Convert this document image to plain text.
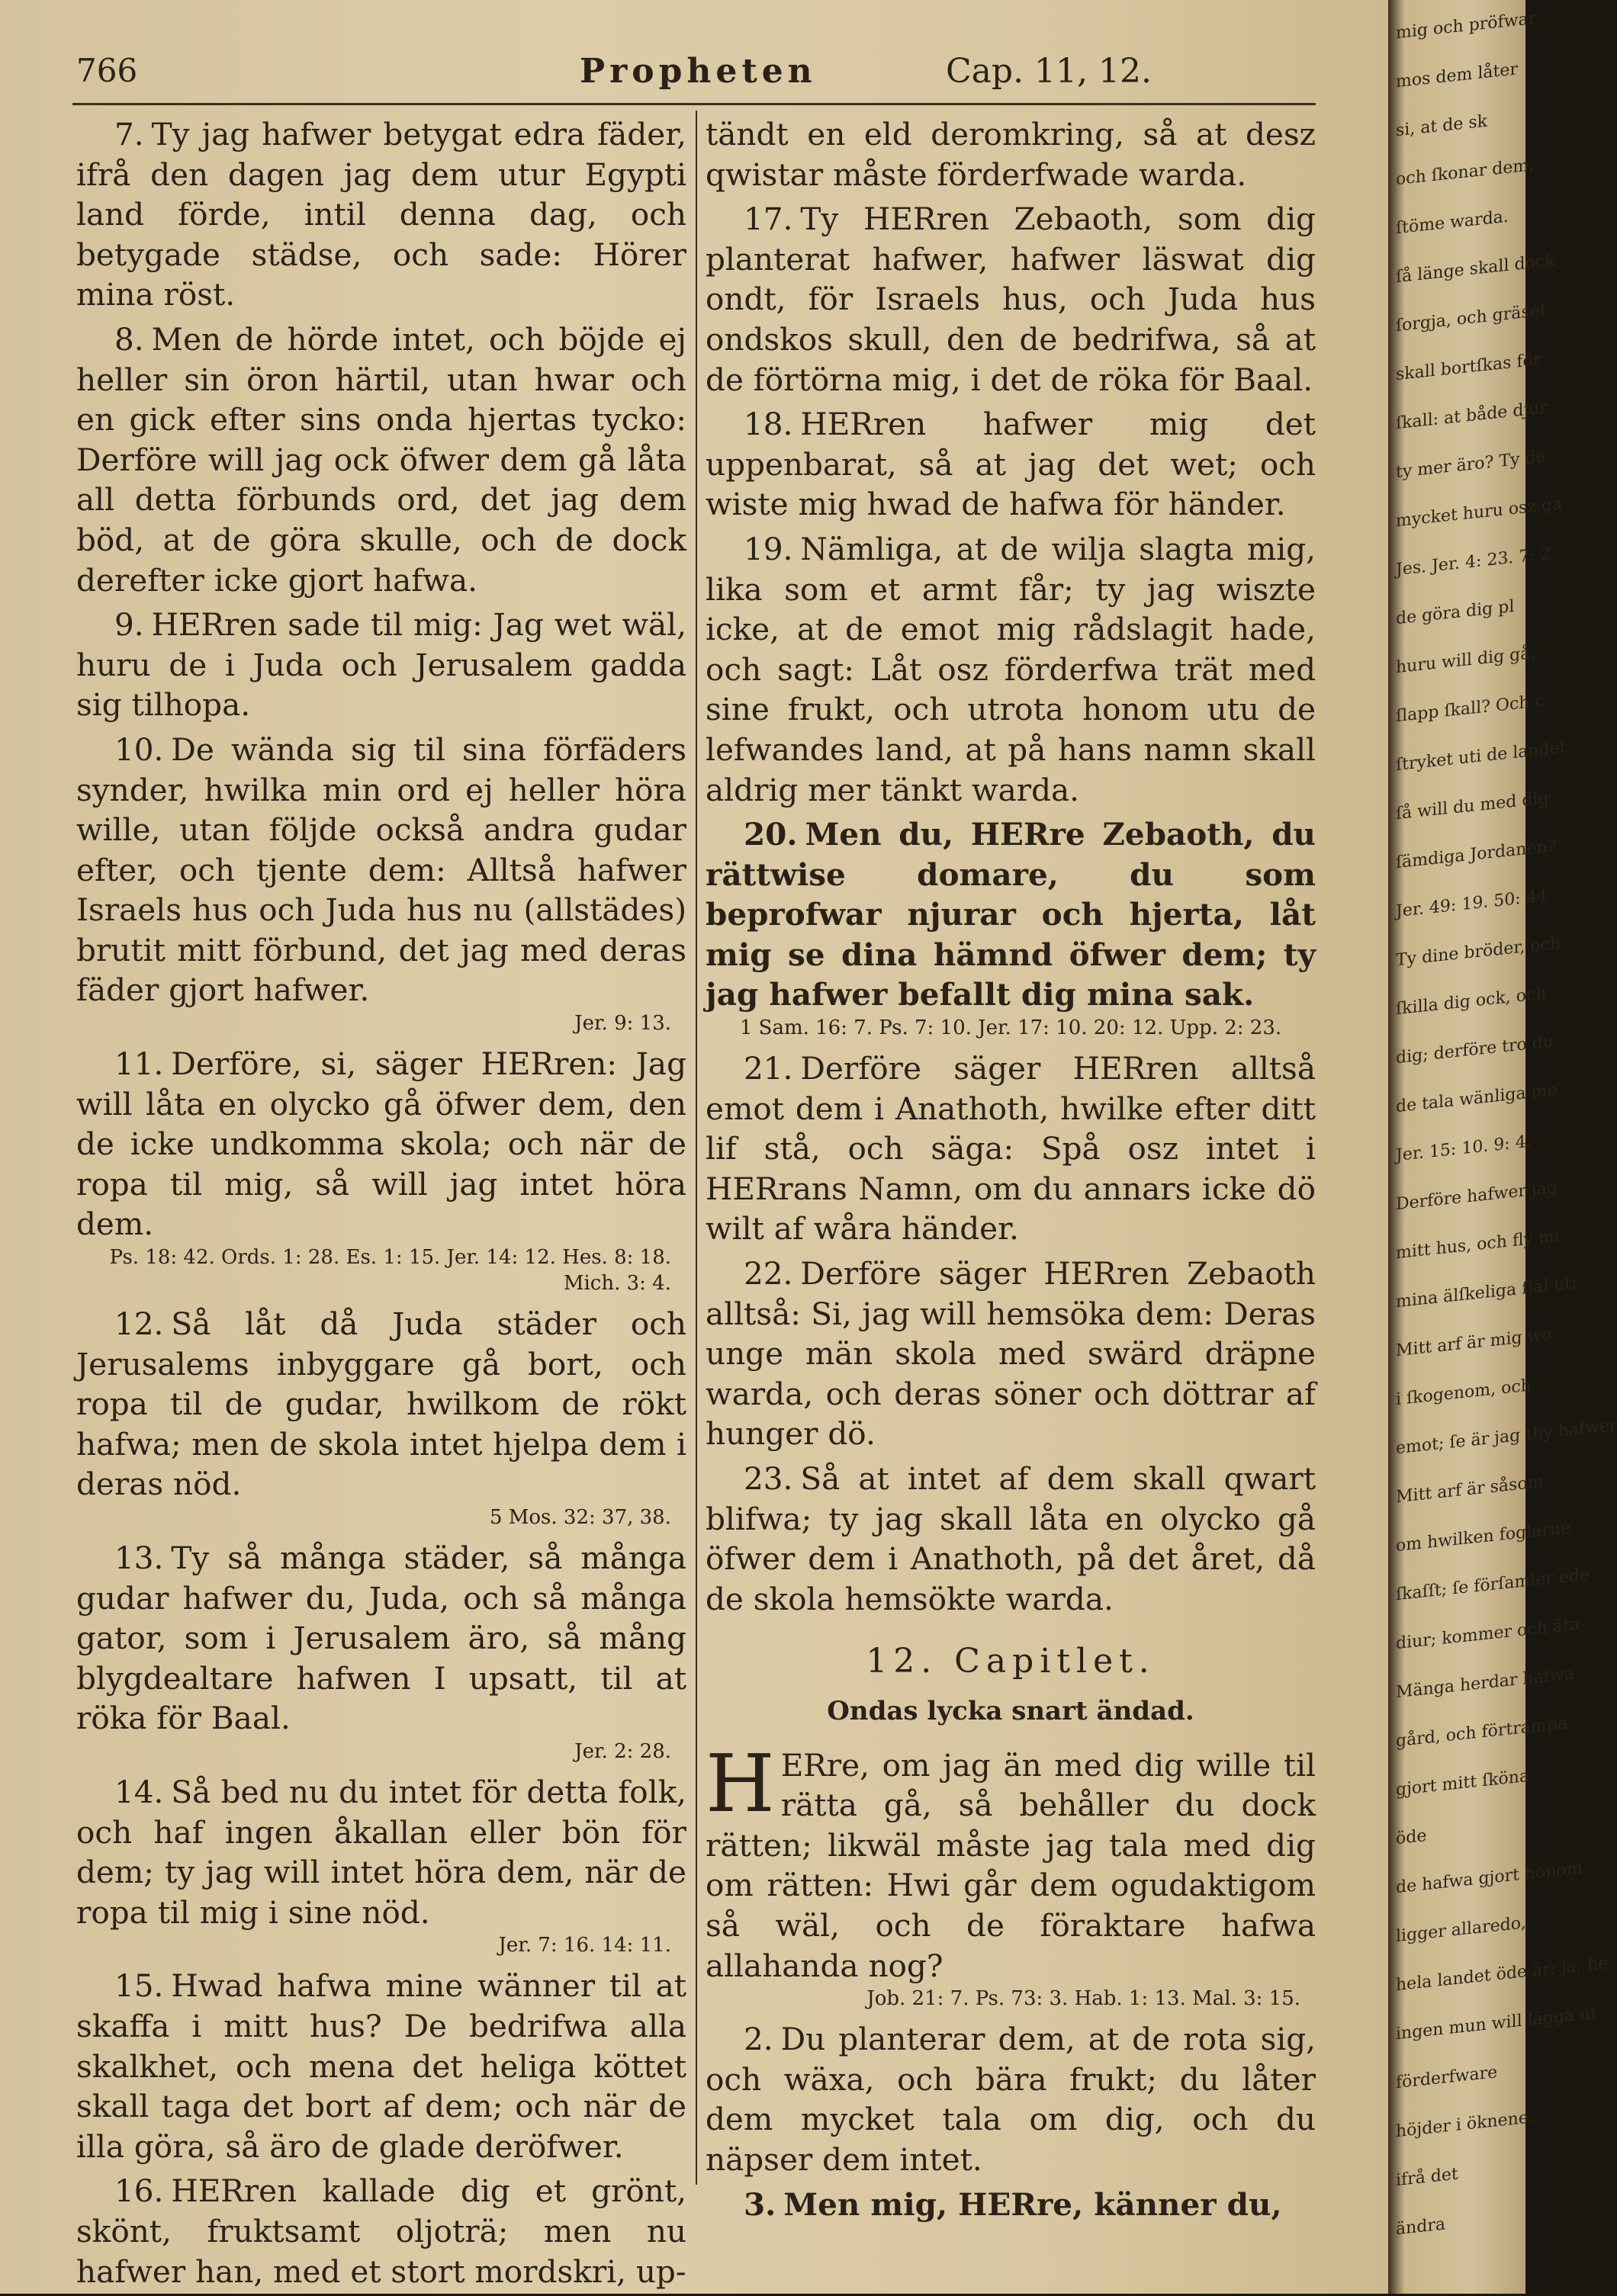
766	Propheten	Cap. 11, 12.

7. Ty jag hafwer betygat edra fäder, ifrå den dagen jag dem utur Egypti land förde, intil denna dag, och betygade städse, och sade: Hörer mina röst.

8. Men de hörde intet, och böjde ej heller sin öron härtil, utan hwar och en gick efter sins onda hjertas tycko: Derföre will jag ock öfwer dem gå låta all detta förbunds ord, det jag dem böd, at de göra skulle, och de dock derefter icke gjort hafwa.

9. HERren sade til mig: Jag wet wäl, huru de i Juda och Jerusalem gadda sig tilhopa.

10. De wända sig til sina förfäders synder, hwilka min ord ej heller höra wille, utan följde också andra gudar efter, och tjente dem: Alltså hafwer Israels hus och Juda hus nu (allstädes) brutit mitt förbund, det jag med deras fäder gjort hafwer.

Jer. 9: 13.

11. Derföre, si, säger HERren: Jag will låta en olycko gå öfwer dem, den de icke undkomma skola; och när de ropa til mig, så will jag intet höra dem.

Ps. 18: 42. Ords. 1: 28. Es. 1: 15. Jer. 14: 12. Hes. 8: 18. Mich. 3: 4.

12. Så låt då Juda städer och Jerusalems inbyggare gå bort, och ropa til de gudar, hwilkom de rökt hafwa; men de skola intet hjelpa dem i deras nöd.

5 Mos. 32: 37, 38.

13. Ty så många städer, så många gudar hafwer du, Juda, och så många gator, som i Jerusalem äro, så mång blygdealtare hafwen I upsatt, til at röka för Baal.

Jer. 2: 28.

14. Så bed nu du intet för detta folk, och haf ingen åkallan eller bön för dem; ty jag will intet höra dem, när de ropa til mig i sine nöd.

Jer. 7: 16. 14: 11.

15. Hwad hafwa mine wänner til at skaffa i mitt hus? De bedrifwa alla skalkhet, och mena det heliga köttet skall taga det bort af dem; och när de illa göra, så äro de glade deröfwer.

16. HERren kallade dig et grönt, skönt, fruktsamt oljoträ; men nu hafwer han, med et stort mordskri, up-

tändt en eld deromkring, så at desz qwistar måste förderfwade warda.

17. Ty HERren Zebaoth, som dig planterat hafwer, hafwer läswat dig ondt, för Israels hus, och Juda hus ondskos skull, den de bedrifwa, så at de förtörna mig, i det de röka för Baal.

18. HERren hafwer mig det uppenbarat, så at jag det wet; och wiste mig hwad de hafwa för händer.

19. Nämliga, at de wilja slagta mig, lika som et armt får; ty jag wiszte icke, at de emot mig rådslagit hade, och sagt: Låt osz förderfwa trät med sine frukt, och utrota honom utu de lefwandes land, at på hans namn skall aldrig mer tänkt warda.

20. Men du, HERre Zebaoth, du rättwise domare, du som beprofwar njurar och hjerta, låt mig se dina hämnd öfwer dem; ty jag hafwer befallt dig mina sak.

1 Sam. 16: 7. Ps. 7: 10. Jer. 17: 10. 20: 12. Upp. 2: 23.

21. Derföre säger HERren alltså emot dem i Anathoth, hwilke efter ditt lif stå, och säga: Spå osz intet i HERrans Namn, om du annars icke dö wilt af wåra händer.

22. Derföre säger HERren Zebaoth alltså: Si, jag will hemsöka dem: Deras unge män skola med swärd dräpne warda, och deras söner och döttrar af hunger dö.

23. Så at intet af dem skall qwart blifwa; ty jag skall låta en olycko gå öfwer dem i Anathoth, på det året, då de skola hemsökte warda.

12. Capitlet.
Ondas lycka snart ändad.

H ERre, om jag än med dig wille til rätta gå, så behåller du dock rätten; likwäl måste jag tala med dig om rätten: Hwi går dem ogudaktigom så wäl, och de föraktare hafwa allahanda nog?

Job. 21: 7. Ps. 73: 3. Hab. 1: 13. Mal. 3: 15.

2. Du planterar dem, at de rota sig, och wäxa, och bära frukt; du låter dem mycket tala om dig, och du näpser dem intet.

3. Men mig, HERre, känner du,

mig och pröfwar
mos dem låter
si, at de sk
och ſkonar dem,
ſtöme warda.
ſå länge skall dock
ſorgja, och gräset
skall bortſkas för
ſkall: at både djur
ty mer äro? Ty de
mycket huru osz ga
Jes. Jer. 4: 23. 7: 2
de göra dig pl
huru will dig gå,
ſlapp ſkall? Och c
ſtryket uti de landet
ſå will du med dig
ſämdiga Jordanen?
Jer. 49: 19. 50: 44
Ty dine bröder, och
ſkilla dig ock, och
dig; derföre tro du
de tala wänliga me
Jer. 15: 10. 9: 4.
Derföre hafwer jag
mitt hus, och fly mi
mina älſkeliga ſjäl uti
Mitt arf är mig wo
i ſkogenom, och
emot; ſe är jag thy hafwer
Mitt arf är såsom
om hwilken foglarne
ſkaſſt; ſe förſamler ede
diur; kommer och äta
Mänga herdar hafwa
gård, och förtrampa
gjort mitt ſköna
öde
de hafwa gjort honom
ligger allaredo,
hela landet öde är; ja, he
ingen mun will lägga ut
förderfware
höjder i öknene,
ifrå det
ändra
